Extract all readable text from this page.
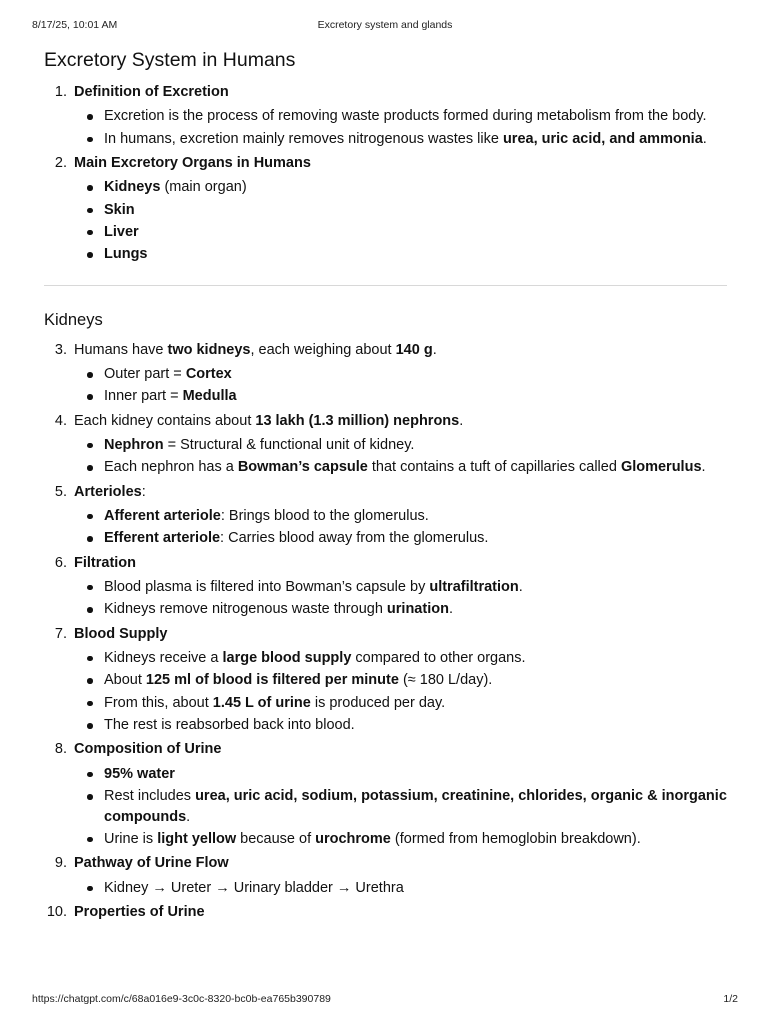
8/17/25, 10:01 AM	Excretory system and glands
Excretory System in Humans
1. Definition of Excretion
Excretion is the process of removing waste products formed during metabolism from the body.
In humans, excretion mainly removes nitrogenous wastes like urea, uric acid, and ammonia.
2. Main Excretory Organs in Humans
Kidneys (main organ)
Skin
Liver
Lungs
Kidneys
3. Humans have two kidneys, each weighing about 140 g.
Outer part = Cortex
Inner part = Medulla
4. Each kidney contains about 13 lakh (1.3 million) nephrons.
Nephron = Structural & functional unit of kidney.
Each nephron has a Bowman’s capsule that contains a tuft of capillaries called Glomerulus.
5. Arterioles:
Afferent arteriole: Brings blood to the glomerulus.
Efferent arteriole: Carries blood away from the glomerulus.
6. Filtration
Blood plasma is filtered into Bowman’s capsule by ultrafiltration.
Kidneys remove nitrogenous waste through urination.
7. Blood Supply
Kidneys receive a large blood supply compared to other organs.
About 125 ml of blood is filtered per minute (≈ 180 L/day).
From this, about 1.45 L of urine is produced per day.
The rest is reabsorbed back into blood.
8. Composition of Urine
95% water
Rest includes urea, uric acid, sodium, potassium, creatinine, chlorides, organic & inorganic compounds.
Urine is light yellow because of urochrome (formed from hemoglobin breakdown).
9. Pathway of Urine Flow
Kidney → Ureter → Urinary bladder → Urethra
10. Properties of Urine
https://chatgpt.com/c/68a016e9-3c0c-8320-bc0b-ea765b390789	1/2
